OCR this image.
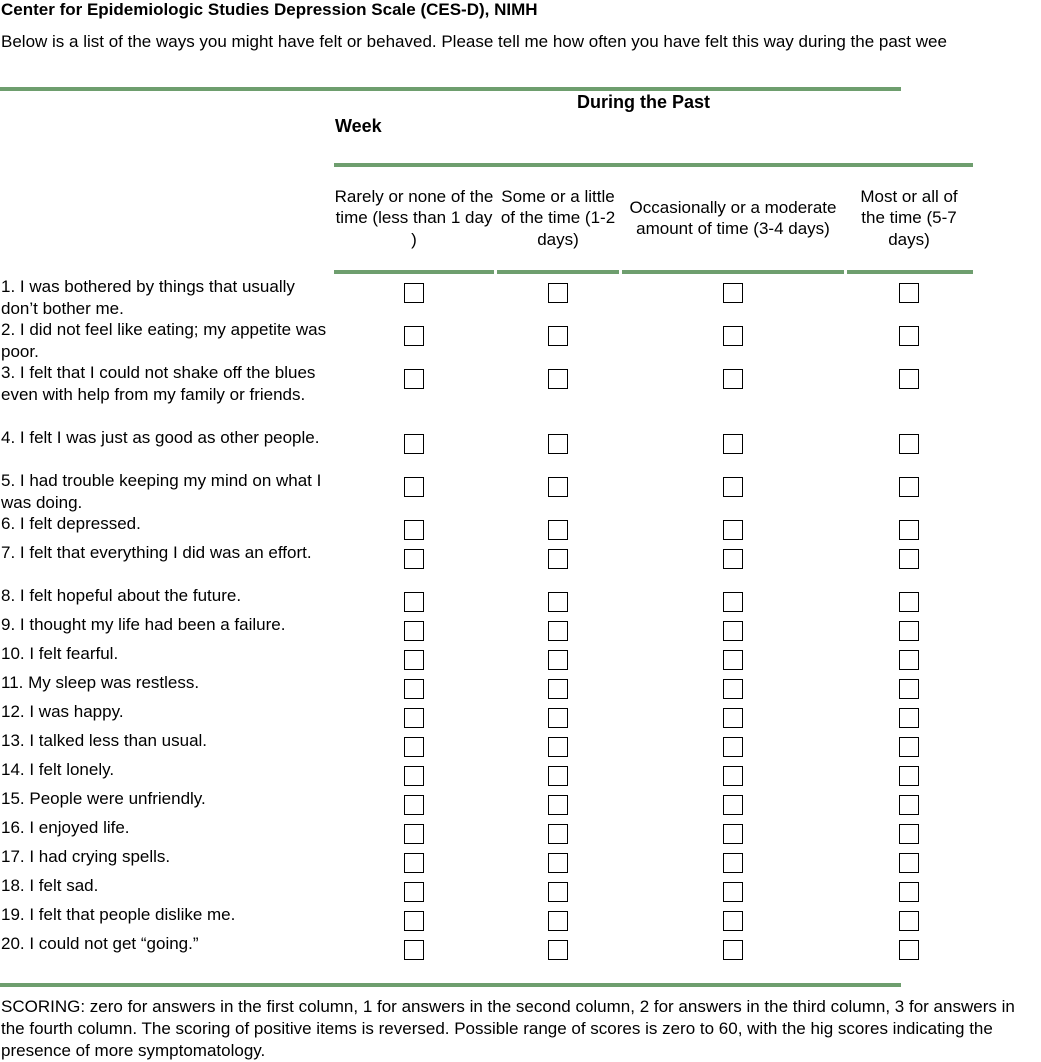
Center for Epidemiologic Studies Depression Scale (CES-D), NIMH
Below is a list of the ways you might have felt or behaved. Please tell me how often you have felt this way during the past wee
During the Past
Week
Rarely or none of the time (less than 1 day )
Some or a little of the time (1-2 days)
Occasionally or a moderate amount of time (3-4 days)
Most or all of the time (5-7 days)
1. I was bothered by things that usually don’t bother me.
2. I did not feel like eating; my appetite was poor.
3. I felt that I could not shake off the blues even with help from my family or friends.
4. I felt I was just as good as other people.
5. I had trouble keeping my mind on what I was doing.
6. I felt depressed.
7. I felt that everything I did was an effort.
8. I felt hopeful about the future.
9. I thought my life had been a failure.
10. I felt fearful.
11. My sleep was restless.
12. I was happy.
13. I talked less than usual.
14. I felt lonely.
15. People were unfriendly.
16. I enjoyed life.
17. I had crying spells.
18. I felt sad.
19. I felt that people dislike me.
20. I could not get “going.”
SCORING: zero for answers in the first column, 1 for answers in the second column, 2 for answers in the third column, 3 for answers in the fourth column. The scoring of positive items is reversed. Possible range of scores is zero to 60, with the hig scores indicating the presence of more symptomatology.
